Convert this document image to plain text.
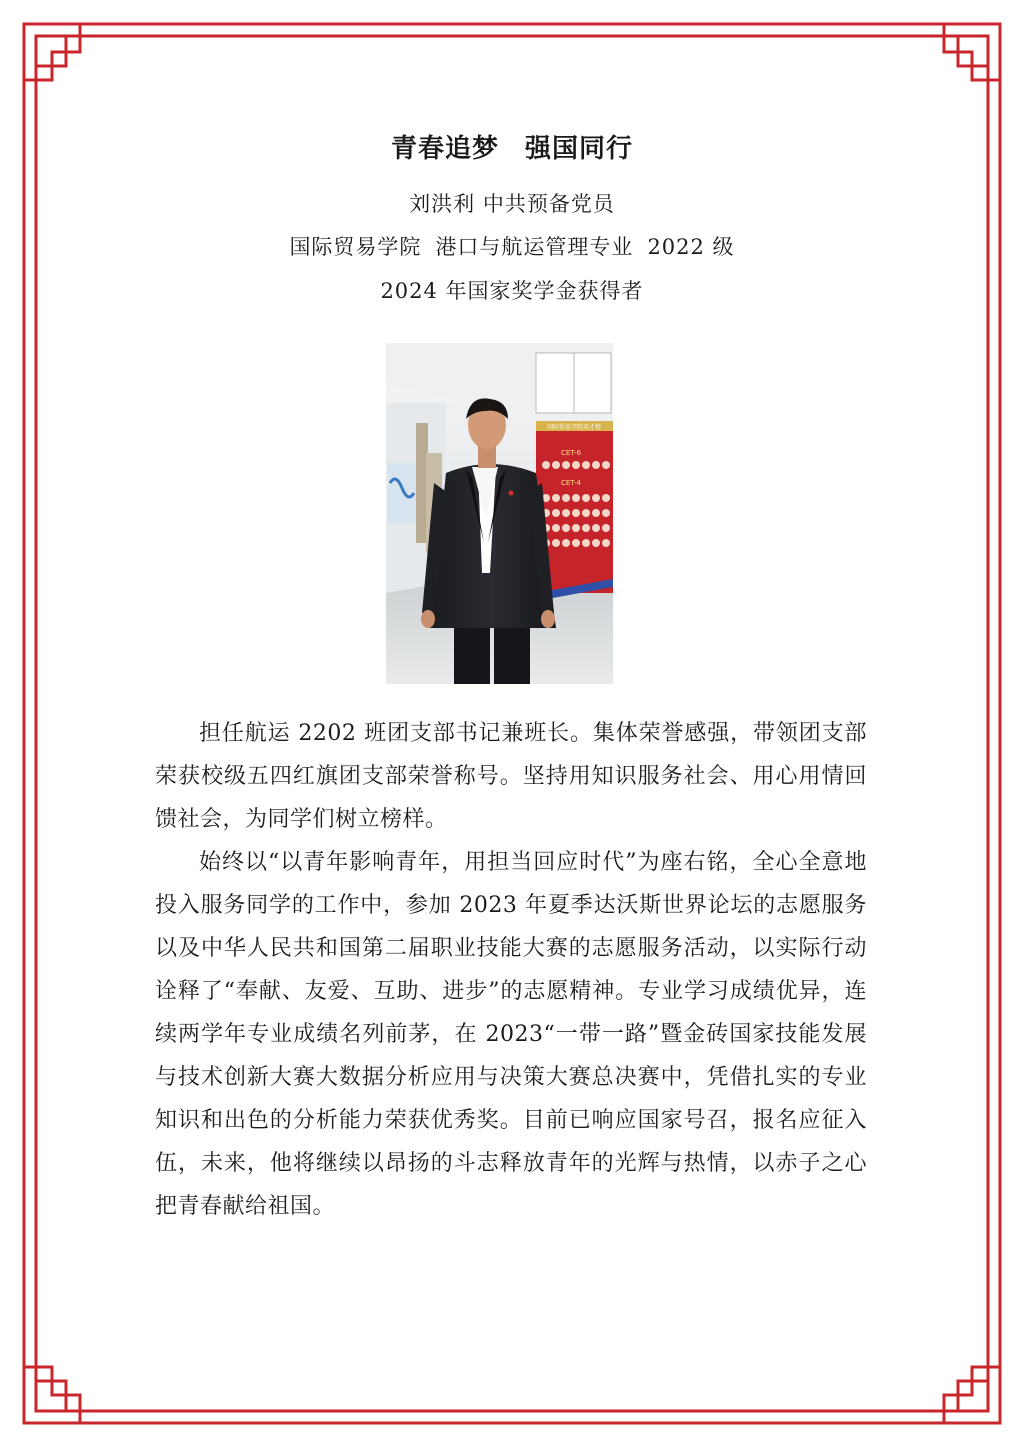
青春追梦 强国同行
刘洪利 中共预备党员
国际贸易学院 港口与航运管理专业 2022 级
2024 年国家奖学金获得者
国际贸易学院英才榜
CET-6
CET-4

担任航运 2202 班团支部书记兼班长。集体荣誉感强，带领团支部荣获校级五四红旗团支部荣誉称号。坚持用知识服务社会、用心用情回馈社会，为同学们树立榜样。

始终以“以青年影响青年，用担当回应时代”为座右铭，全心全意地投入服务同学的工作中，参加 2023 年夏季达沃斯世界论坛的志愿服务以及中华人民共和国第二届职业技能大赛的志愿服务活动，以实际行动诠释了“奉献、友爱、互助、进步”的志愿精神。专业学习成绩优异，连续两学年专业成绩名列前茅，在 2023“一带一路”暨金砖国家技能发展与技术创新大赛大数据分析应用与决策大赛总决赛中，凭借扎实的专业知识和出色的分析能力荣获优秀奖。目前已响应国家号召，报名应征入伍，未来，他将继续以昂扬的斗志释放青年的光辉与热情，以赤子之心把青春献给祖国。
